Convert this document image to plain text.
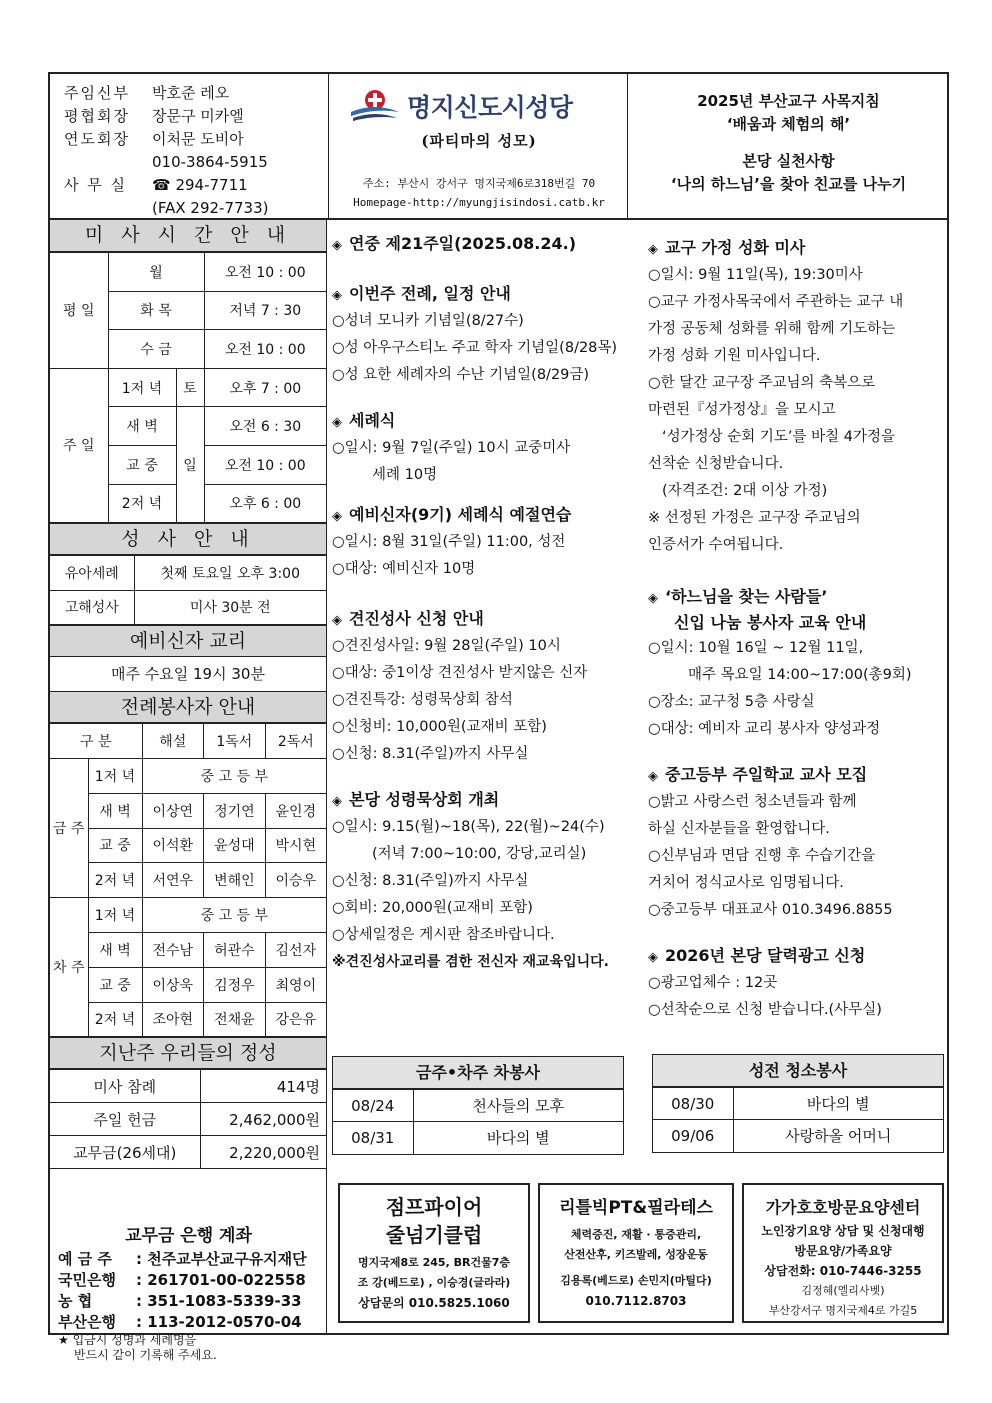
주임신부	박호준 레오
평협회장	장문구 미카엘
연도회장	이처문 도비아
010-3864-5915
사 무 실	☎ 294-7711
(FAX 292-7733)
명지신도시성당
(파티마의 성모)
주소: 부산시 강서구 명지국제6로318번길 70
Homepage-http://myungjisindosi.catb.kr
2025년 부산교구 사목지침
‘배움과 체험의 해’
본당 실천사항
‘나의 하느님’을 찾아 친교를 나누기
미 사 시 간 안 내
평 일	월		오전 10 : 00
	화 목		저녁 7 : 30
	수 금		오전 10 : 00
주 일	1저 녁	토	오후 7 : 00
	새 벽	일	오전 6 : 30
	교 중		오전 10 : 00
	2저 녁		오후 6 : 00
성 사 안 내
유아세례	첫째 토요일 오후 3:00
고해성사	미사 30분 전
예비신자 교리
매주 수요일 19시 30분
전례봉사자 안내
구 분		해설	1독서	2독서
금 주	1저 녁	중 고 등 부		
	새 벽	이상연	정기연	윤인경
	교 중	이석환	윤성대	박시현
	2저 녁	서연우	변해인	이승우
차 주	1저 녁	중 고 등 부		
	새 벽	전수남	허관수	김선자
	교 중	이상욱	김정우	최영이
	2저 녁	조아현	전채윤	강은유
지난주 우리들의 정성
미사 참례	414명
주일 헌금	2,462,000원
교무금(26세대)	2,220,000원
교무금 은행 계좌
예 금 주 : 천주교부산교구유지재단
국민은행 : 261701-00-022558
농 협	: 351-1083-5339-33
부산은행 : 113-2012-0570-04
★ 입금시 성명과 세례명을
반드시 같이 기록해 주세요.
◈ 연중 제21주일(2025.08.24.)
◈ 이번주 전례, 일정 안내
○성녀 모니카 기념일(8/27수)
○성 아우구스티노 주교 학자 기념일(8/28목)
○성 요한 세례자의 수난 기념일(8/29금)
◈ 세례식
○일시: 9월 7일(주일) 10시 교중미사
세례 10명
◈ 예비신자(9기) 세례식 예절연습
○일시: 8월 31일(주일) 11:00, 성전
○대상: 예비신자 10명
◈ 견진성사 신청 안내
○견진성사일: 9월 28일(주일) 10시
○대상: 중1이상 견진성사 받지않은 신자
○견진특강: 성령묵상회 참석
○신청비: 10,000원(교재비 포함)
○신청: 8.31(주일)까지 사무실
◈ 본당 성령묵상회 개최
○일시: 9.15(월)~18(목), 22(월)~24(수)
(저녁 7:00~10:00, 강당,교리실)
○신청: 8.31(주일)까지 사무실
○회비: 20,000원(교재비 포함)
○상세일정은 게시판 참조바랍니다.
※견진성사교리를 겸한 전신자 재교육입니다.
◈ 교구 가정 성화 미사
○일시: 9월 11일(목), 19:30미사
○교구 가정사목국에서 주관하는 교구 내
가정 공동체 성화를 위해 함께 기도하는
가정 성화 기원 미사입니다.
○한 달간 교구장 주교님의 축복으로
마련된『성가정상』을 모시고
‘성가정상 순회 기도’를 바칠 4가정을
선착순 신청받습니다.
(자격조건: 2대 이상 가정)
※ 선정된 가정은 교구장 주교님의
인증서가 수여됩니다.
◈ ‘하느님을 찾는 사람들’
신입 나눔 봉사자 교육 안내
○일시: 10월 16일 ~ 12월 11일,
매주 목요일 14:00~17:00(총9회)
○장소: 교구청 5층 사랑실
○대상: 예비자 교리 봉사자 양성과정
◈ 중고등부 주일학교 교사 모집
○밝고 사랑스런 청소년들과 함께
하실 신자분들을 환영합니다.
○신부님과 면담 진행 후 수습기간을
거치어 정식교사로 임명됩니다.
○중고등부 대표교사 010.3496.8855
◈ 2026년 본당 달력광고 신청
○광고업체수 : 12곳
○선착순으로 신청 받습니다.(사무실)
금주•차주 차봉사
08/24	천사들의 모후
08/31	바다의 별
성전 청소봉사
08/30	바다의 별
09/06	사랑하올 어머니
점프파이어
줄넘기클럽
명지국제8로 245, BR건물7층
조 강(베드로) , 이승경(글라라)
상담문의 010.5825.1060
리틀빅PT&필라테스
체력증진, 재활 · 통증관리,
산전산후, 키즈발레, 성장운동
김용록(베드로) 손민지(마틸다)
010.7112.8703
가가호호방문요양센터
노인장기요양 상담 및 신청대행
방문요양/가족요양
상담전화: 010-7446-3255
김정혜(엘리사벳)
부산강서구 명지국제4로 가길5
